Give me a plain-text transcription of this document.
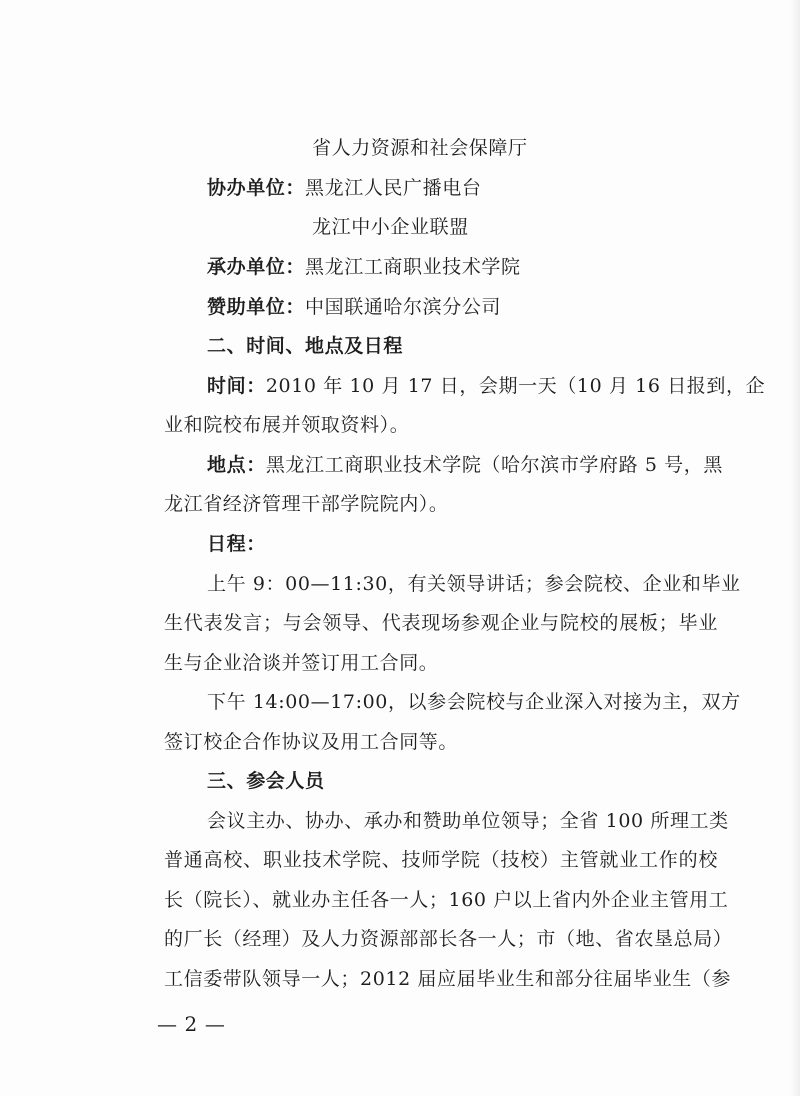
省人力资源和社会保障厅
协办单位：黑龙江人民广播电台
龙江中小企业联盟
承办单位：黑龙江工商职业技术学院
赞助单位：中国联通哈尔滨分公司
二、时间、地点及日程
时间：2010 年 10 月 17 日，会期一天（10 月 16 日报到，企
业和院校布展并领取资料）。
地点：黑龙江工商职业技术学院（哈尔滨市学府路 5 号，黑
龙江省经济管理干部学院院内）。
日程：
上午 9：00—11:30，有关领导讲话；参会院校、企业和毕业
生代表发言；与会领导、代表现场参观企业与院校的展板；毕业
生与企业洽谈并签订用工合同。
下午 14:00—17:00，以参会院校与企业深入对接为主，双方
签订校企合作协议及用工合同等。
三、参会人员
会议主办、协办、承办和赞助单位领导；全省 100 所理工类
普通高校、职业技术学院、技师学院（技校）主管就业工作的校
长（院长）、就业办主任各一人；160 户以上省内外企业主管用工
的厂长（经理）及人力资源部部长各一人；市（地、省农垦总局）
工信委带队领导一人；2012 届应届毕业生和部分往届毕业生（参
— 2 —
